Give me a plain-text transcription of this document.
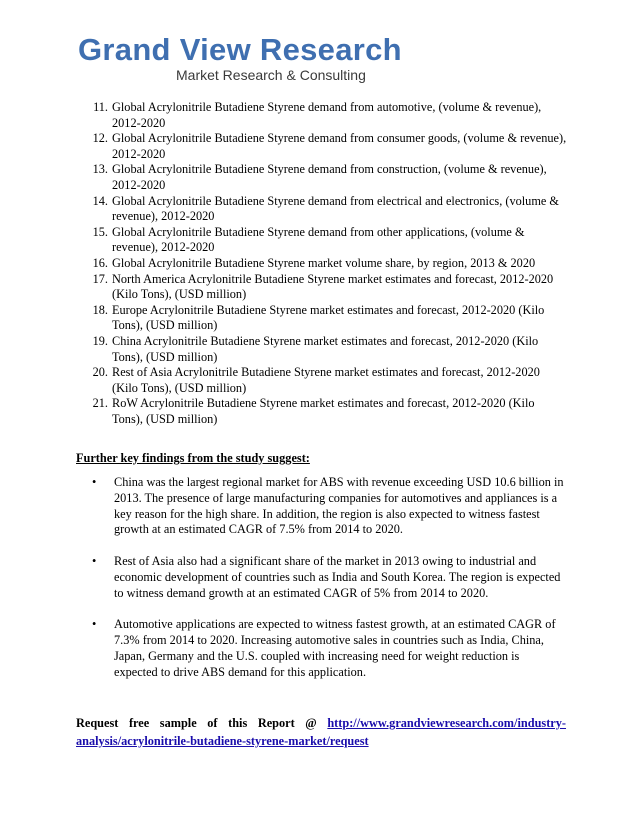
Grand View Research
Market Research & Consulting
11. Global Acrylonitrile Butadiene Styrene demand from automotive, (volume & revenue), 2012-2020
12. Global Acrylonitrile Butadiene Styrene demand from consumer goods, (volume & revenue), 2012-2020
13. Global Acrylonitrile Butadiene Styrene demand from construction, (volume & revenue), 2012-2020
14. Global Acrylonitrile Butadiene Styrene demand from electrical and electronics, (volume & revenue), 2012-2020
15. Global Acrylonitrile Butadiene Styrene demand from other applications, (volume & revenue), 2012-2020
16. Global Acrylonitrile Butadiene Styrene market volume share, by region, 2013 & 2020
17. North America Acrylonitrile Butadiene Styrene market estimates and forecast, 2012-2020 (Kilo Tons), (USD million)
18. Europe Acrylonitrile Butadiene Styrene market estimates and forecast, 2012-2020 (Kilo Tons), (USD million)
19. China Acrylonitrile Butadiene Styrene market estimates and forecast, 2012-2020 (Kilo Tons), (USD million)
20. Rest of Asia Acrylonitrile Butadiene Styrene market estimates and forecast, 2012-2020 (Kilo Tons), (USD million)
21. RoW Acrylonitrile Butadiene Styrene market estimates and forecast, 2012-2020 (Kilo Tons), (USD million)

Further key findings from the study suggest:

• China was the largest regional market for ABS with revenue exceeding USD 10.6 billion in 2013. The presence of large manufacturing companies for automotives and appliances is a key reason for the high share. In addition, the region is also expected to witness fastest growth at an estimated CAGR of 7.5% from 2014 to 2020.
• Rest of Asia also had a significant share of the market in 2013 owing to industrial and economic development of countries such as India and South Korea. The region is expected to witness demand growth at an estimated CAGR of 5% from 2014 to 2020.
• Automotive applications are expected to witness fastest growth, at an estimated CAGR of 7.3% from 2014 to 2020. Increasing automotive sales in countries such as India, China, Japan, Germany and the U.S. coupled with increasing need for weight reduction is expected to drive ABS demand for this application.
Request free sample of this Report @ http://www.grandviewresearch.com/industry-analysis/acrylonitrile-butadiene-styrene-market/request
